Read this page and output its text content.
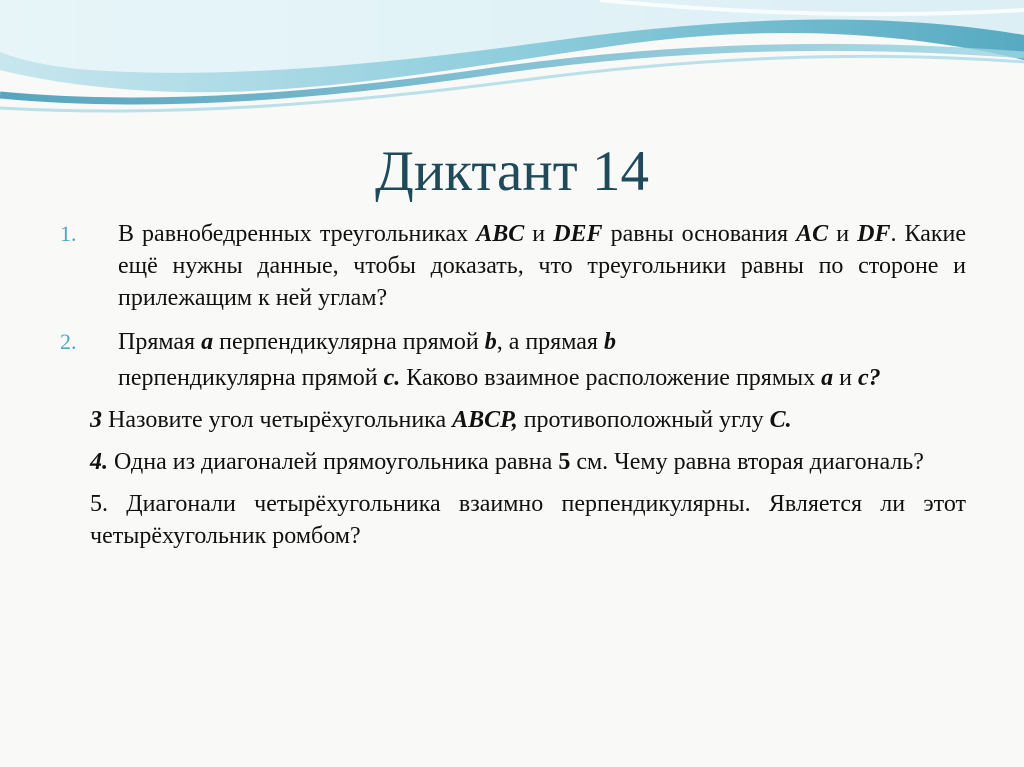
Диктант 14
1. В равнобедренных треугольниках ABC и DEF равны основания AC и DF. Какие ещё нужны данные, чтобы доказать, что треугольники равны по стороне и прилежащим к ней углам?
2. Прямая a перпендикулярна прямой b, а прямая b
перпендикулярна прямой с. Каково взаимное расположение прямых а и с?
3 Назовите угол четырёхугольника ABCP, противоположный углу С.
4. Одна из диагоналей прямоугольника равна 5 см. Чему равна вторая диагональ?
5. Диагонали четырёхугольника взаимно перпендикулярны. Является ли этот четырёхугольник ромбом?
